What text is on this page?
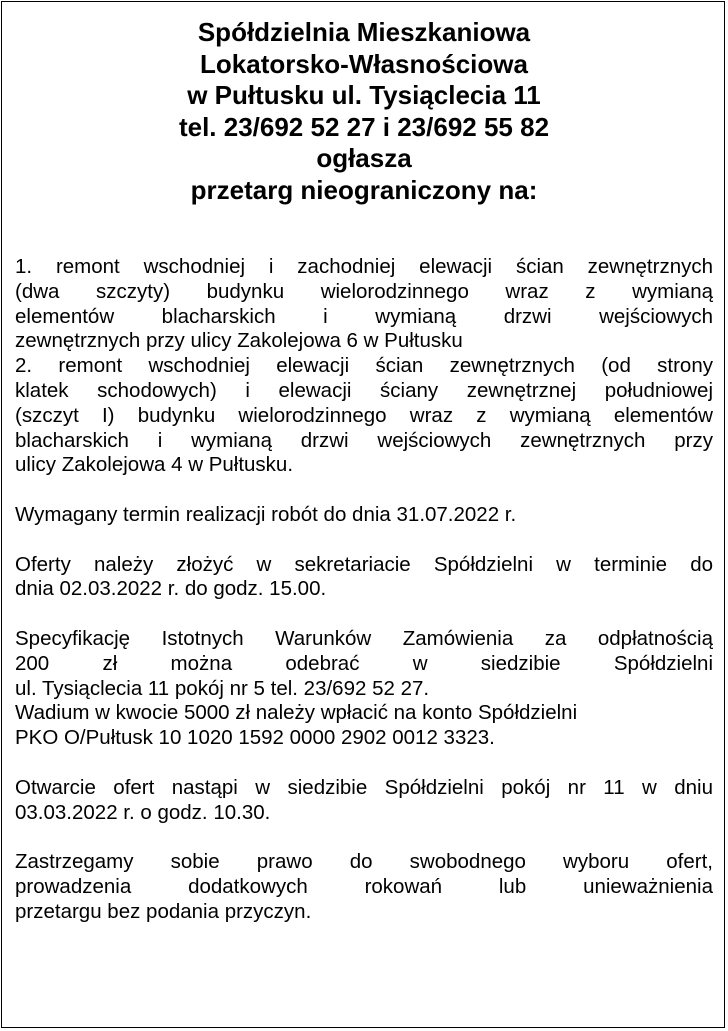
Spółdzielnia Mieszkaniowa
Lokatorsko-Własnościowa
w Pułtusku ul. Tysiąclecia 11
tel. 23/692 52 27 i 23/692 55 82
ogłasza
przetarg nieograniczony na:

1. remont wschodniej i zachodniej elewacji ścian zewnętrznych

(dwa szczyty) budynku wielorodzinnego wraz z wymianą

elementów blacharskich i wymianą drzwi wejściowych

zewnętrznych przy ulicy Zakolejowa 6 w Pułtusku

2. remont wschodniej elewacji ścian zewnętrznych (od strony

klatek schodowych) i elewacji ściany zewnętrznej południowej

(szczyt I) budynku wielorodzinnego wraz z wymianą elementów

blacharskich i wymianą drzwi wejściowych zewnętrznych przy

ulicy Zakolejowa 4 w Pułtusku.

Wymagany termin realizacji robót do dnia 31.07.2022 r.

Oferty należy złożyć w sekretariacie Spółdzielni w terminie do

dnia 02.03.2022 r. do godz. 15.00.

Specyfikację Istotnych Warunków Zamówienia za odpłatnością

200 zł można odebrać w siedzibie Spółdzielni

ul. Tysiąclecia 11 pokój nr 5 tel. 23/692 52 27.

Wadium w kwocie 5000 zł należy wpłacić na konto Spółdzielni

PKO O/Pułtusk 10 1020 1592 0000 2902 0012 3323.

Otwarcie ofert nastąpi w siedzibie Spółdzielni pokój nr 11 w dniu

03.03.2022 r. o godz. 10.30.

Zastrzegamy sobie prawo do swobodnego wyboru ofert,

prowadzenia dodatkowych rokowań lub unieważnienia

przetargu bez podania przyczyn.
